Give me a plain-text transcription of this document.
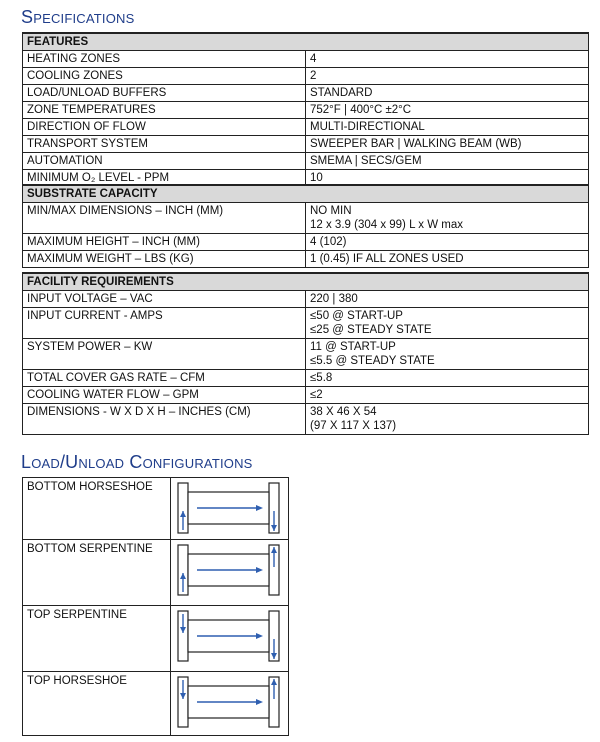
Specifications
FEATURES	
HEATING ZONES	4
COOLING ZONES	2
LOAD/UNLOAD BUFFERS	STANDARD
ZONE TEMPERATURES	752°F | 400°C ±2°C
DIRECTION OF FLOW	MULTI-DIRECTIONAL
TRANSPORT SYSTEM	SWEEPER BAR | WALKING BEAM (WB)
AUTOMATION	SMEMA | SECS/GEM
MINIMUM O₂ LEVEL - PPM	10
SUBSTRATE CAPACITY	
MIN/MAX DIMENSIONS – INCH (MM)	NO MIN
12 x 3.9 (304 x 99) L x W max

MAXIMUM HEIGHT – INCH (MM)	4 (102)
MAXIMUM WEIGHT – LBS (KG)	1 (0.45) IF ALL ZONES USED
FACILITY REQUIREMENTS	
INPUT VOLTAGE – VAC	220 | 380
INPUT CURRENT - AMPS	≤50 @ START-UP
≤25 @ STEADY STATE

SYSTEM POWER – KW	11 @ START-UP
≤5.5 @ STEADY STATE

TOTAL COVER GAS RATE – CFM	≤5.8
COOLING WATER FLOW – GPM	≤2
DIMENSIONS - W X D X H – INCHES (CM)	38 X 46 X 54
(97 X 117 X 137)
Load/Unload Configurations
BOTTOM HORSESHOE	

BOTTOM SERPENTINE	

TOP SERPENTINE	

TOP HORSESHOE	
